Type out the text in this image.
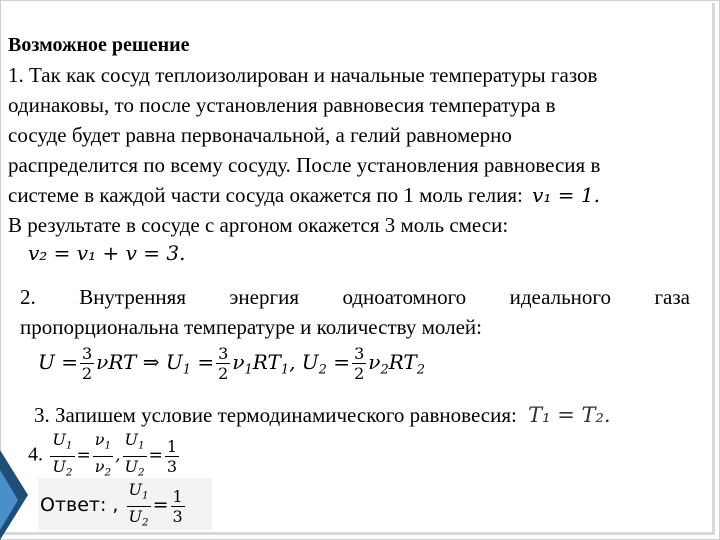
Возможное решение
1. Так как сосуд теплоизолирован и начальные температуры газов
одинаковы, то после установления равновесия температура в
сосуде будет равна первоначальной, а гелий равномерно
распределится по всему сосуду. После установления равновесия в
системе в каждой части сосуда окажется по 1 моль гелия: v₁ = 1.
В результате в сосуде с аргоном окажется 3 моль смеси:
v₂ = v₁ + v = 3.
2. Внутренняя энергия одноатомного идеального газа
пропорциональна температуре и количеству молей:
$U = \frac{3}{2}$ νRT ⇒ $U_1 = \frac{3}{2} \nu_1RT_1$, $U_2 = \frac{3}{2} \nu_2RT_2$
3. Запишем условие термодинамического равновесия: T₁ = T₂.
4. $\frac{U_1}{U_2} = \frac{\nu_1}{\nu_2}$ , $\frac{U_1}{U_2} = \frac{1}{3}$
Ответ: , $\frac{U_1}{U_2} = \frac{1}{3}$
